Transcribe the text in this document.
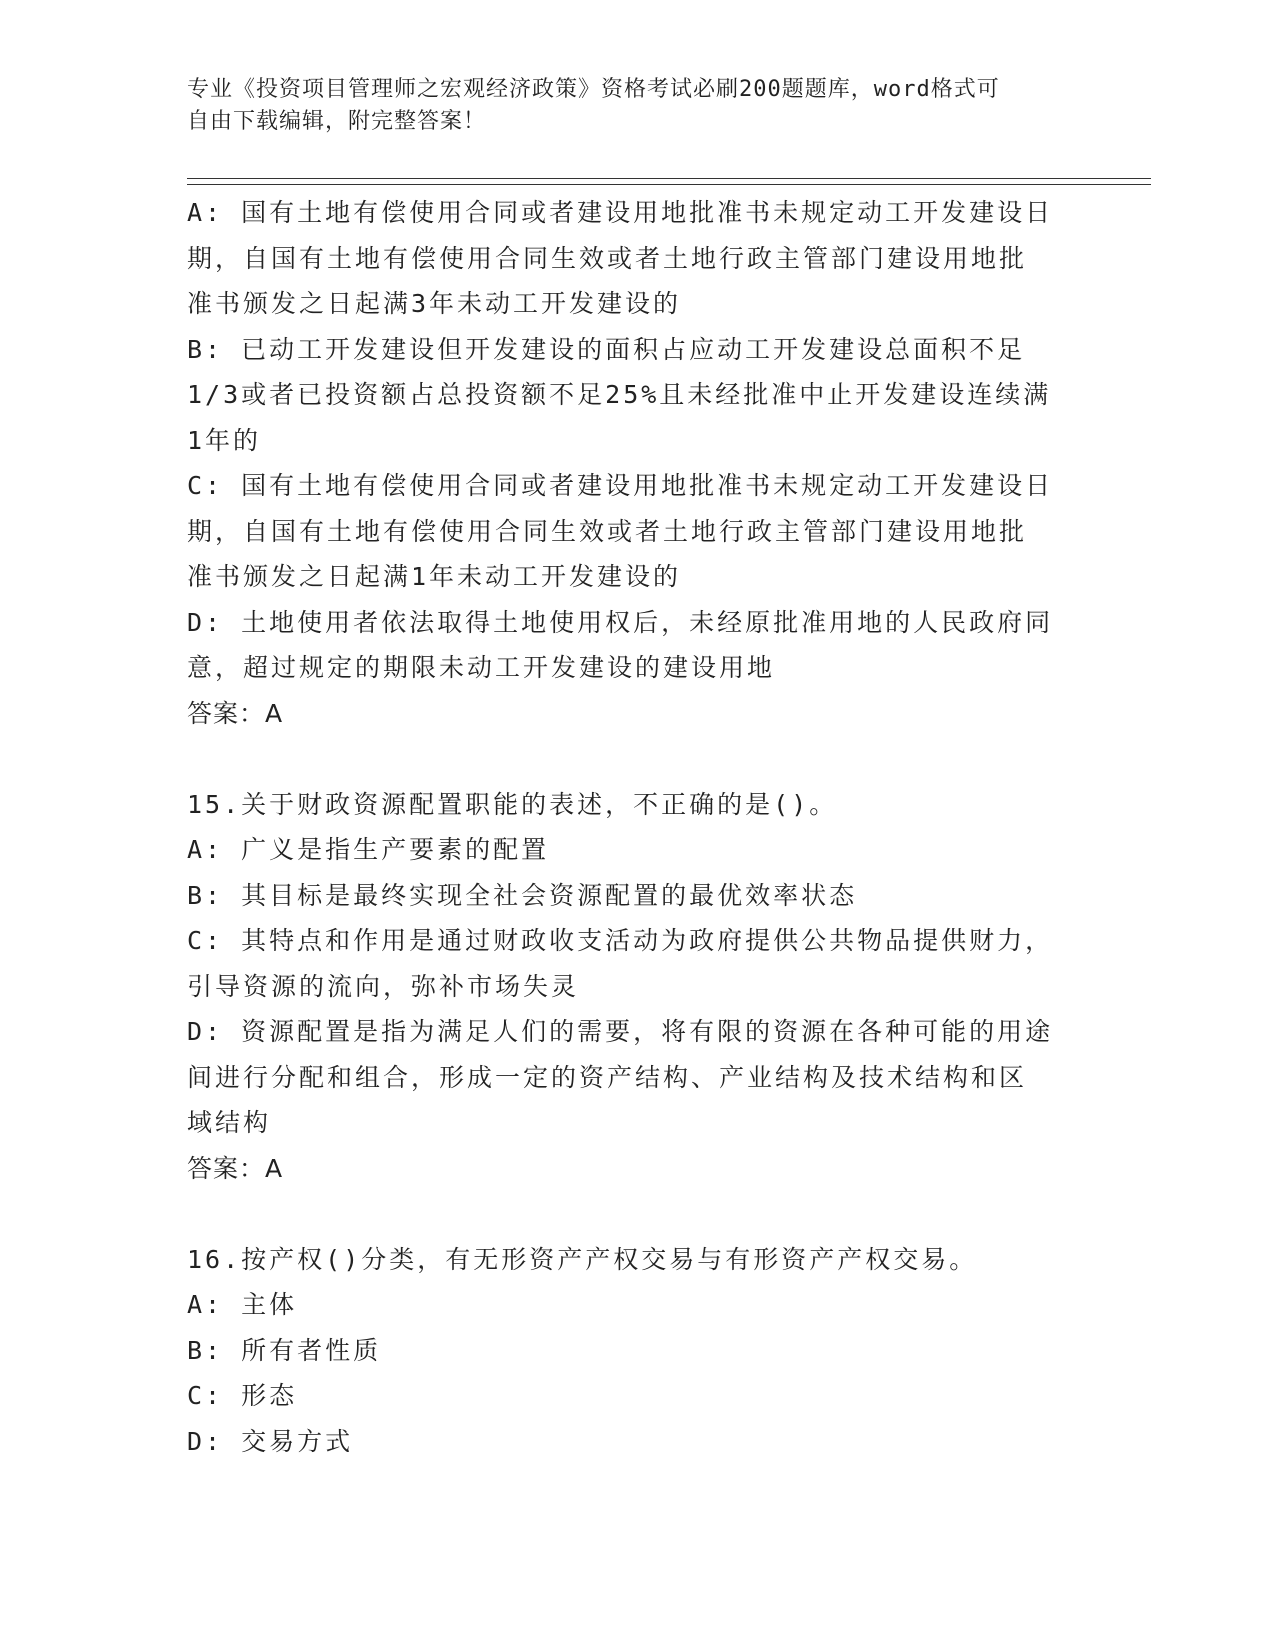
专业《投资项目管理师之宏观经济政策》资格考试必刷200题题库，word格式可
自由下载编辑，附完整答案！
A: 国有土地有偿使用合同或者建设用地批准书未规定动工开发建设日
期，自国有土地有偿使用合同生效或者土地行政主管部门建设用地批
准书颁发之日起满3年未动工开发建设的
B: 已动工开发建设但开发建设的面积占应动工开发建设总面积不足
1/3或者已投资额占总投资额不足25%且未经批准中止开发建设连续满
1年的
C: 国有土地有偿使用合同或者建设用地批准书未规定动工开发建设日
期，自国有土地有偿使用合同生效或者土地行政主管部门建设用地批
准书颁发之日起满1年未动工开发建设的
D: 土地使用者依法取得土地使用权后，未经原批准用地的人民政府同
意，超过规定的期限未动工开发建设的建设用地
答案：A
15.关于财政资源配置职能的表述，不正确的是()。
A: 广义是指生产要素的配置
B: 其目标是最终实现全社会资源配置的最优效率状态
C: 其特点和作用是通过财政收支活动为政府提供公共物品提供财力，
引导资源的流向，弥补市场失灵
D: 资源配置是指为满足人们的需要，将有限的资源在各种可能的用途
间进行分配和组合，形成一定的资产结构、产业结构及技术结构和区
域结构
答案：A
16.按产权()分类，有无形资产产权交易与有形资产产权交易。
A: 主体
B: 所有者性质
C: 形态
D: 交易方式
